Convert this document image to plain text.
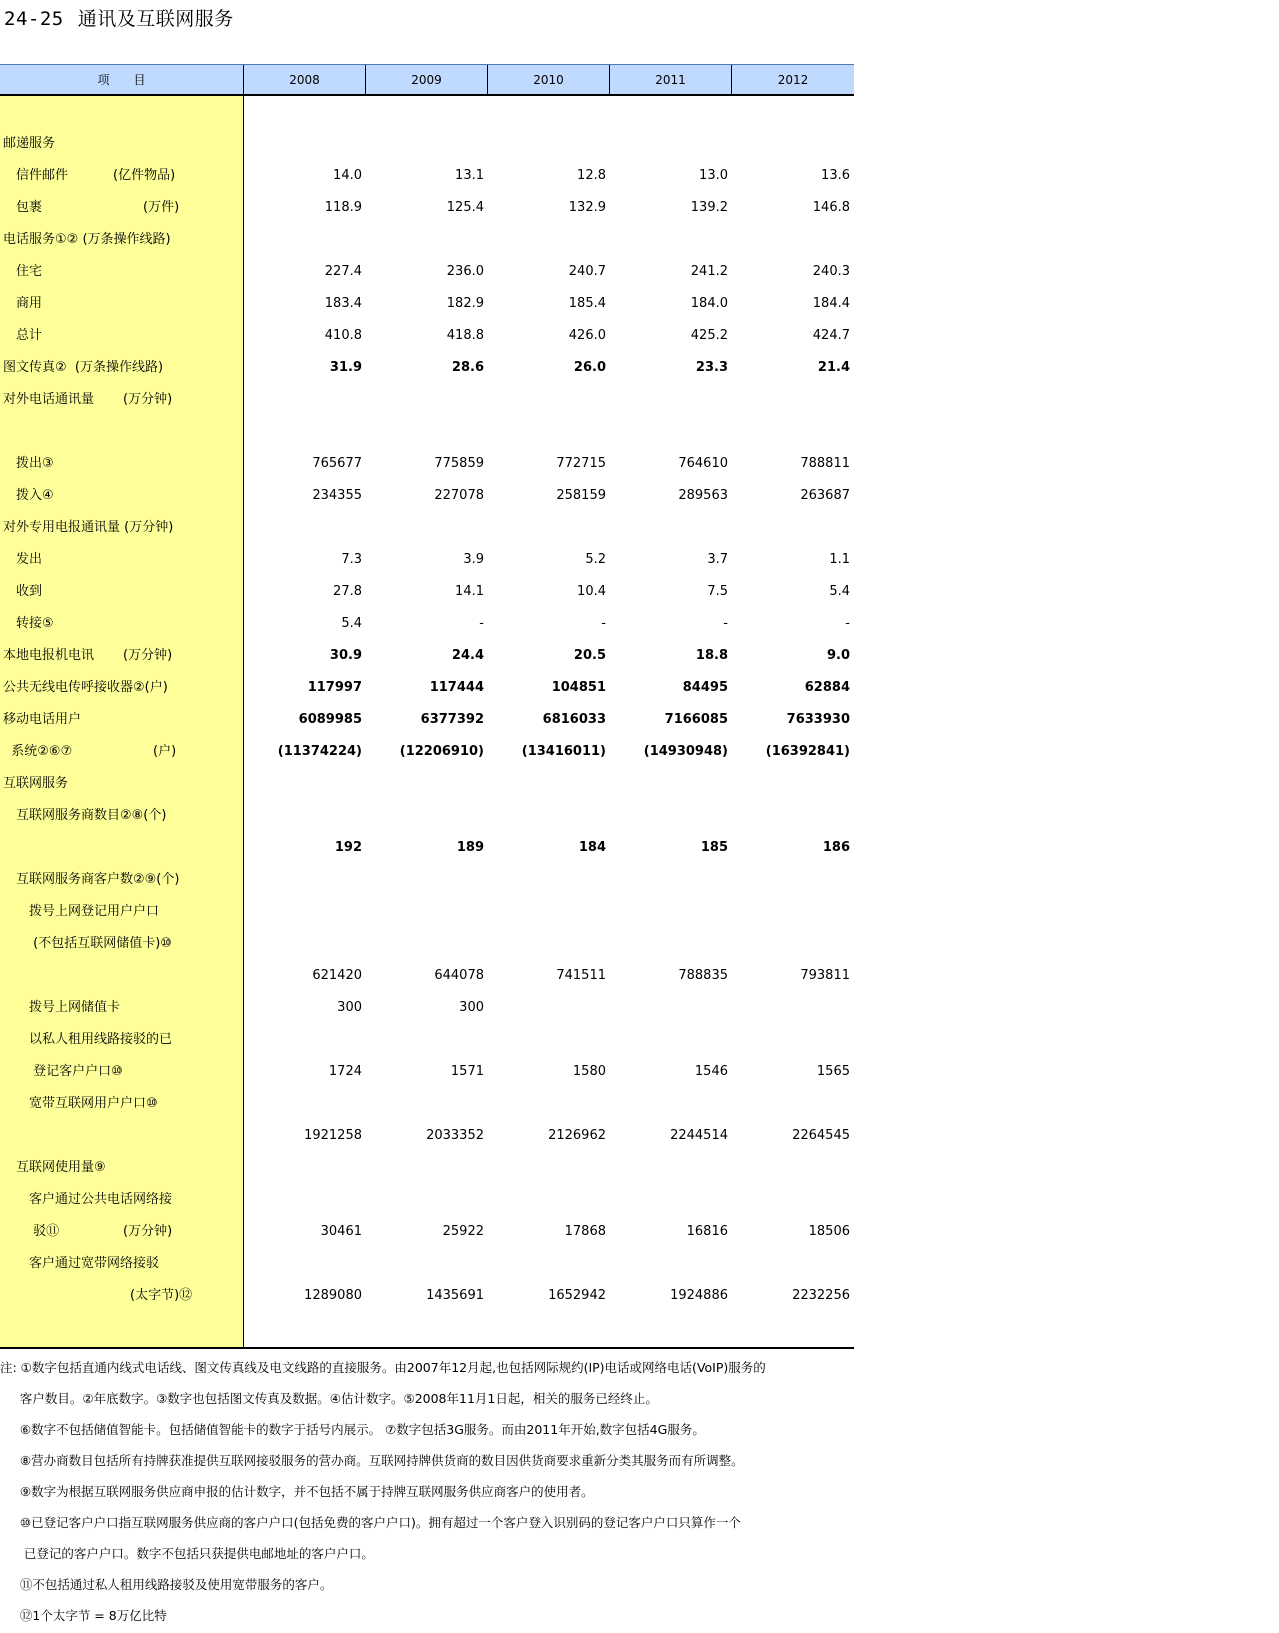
24-25 通讯及互联网服务
项　　目	2008	2009	2010	2011	2012
邮递服务
　信件邮件	(亿件物品)	14.0	13.1	12.8	13.0	13.6
　包裹	(万件)	118.9	125.4	132.9	139.2	146.8
电话服务①② (万条操作线路)
　住宅	227.4	236.0	240.7	241.2	240.3
　商用	183.4	182.9	185.4	184.0	184.4
　总计	410.8	418.8	426.0	425.2	424.7
图文传真②  (万条操作线路)	31.9	28.6	26.0	23.3	21.4
对外电话通讯量 (万分钟)
　拨出③	765677	775859	772715	764610	788811
　拨入④	234355	227078	258159	289563	263687
对外专用电报通讯量 (万分钟)
　发出	7.3	3.9	5.2	3.7	1.1
　收到	27.8	14.1	10.4	7.5	5.4
　转接⑤	5.4	-	-	-	-
本地电报机电讯 (万分钟)	30.9	24.4	20.5	18.8	9.0
公共无线电传呼接收器②(户)	117997	117444	104851	84495	62884
移动电话用户	6089985	6377392	6816033	7166085	7633930
系统②⑥⑦	(户)	(11374224)	(12206910)	(13416011)	(14930948)	(16392841)
互联网服务
　互联网服务商数目②⑧(个)
192	189	184	185	186
　互联网服务商客户数②⑨(个)
　　拨号上网登记用户户口
　　 (不包括互联网储值卡)⑩
621420	644078	741511	788835	793811
　　拨号上网储值卡	300	300
　　以私人租用线路接驳的已
　　 登记客户户口⑩	1724	1571	1580	1546	1565
　　宽带互联网用户户口⑩
1921258	2033352	2126962	2244514	2264545
　互联网使用量⑨
　　客户通过公共电话网络接
　　 驳⑪	(万分钟)	30461	25922	17868	16816	18506
　　客户通过宽带网络接驳
(太字节)⑫	1289080	1435691	1652942	1924886	2232256
注: ①数字包括直通内线式电话线、图文传真线及电文线路的直接服务。由2007年12月起,也包括网际规约(IP)电话或网络电话(VoIP)服务的
客户数目。②年底数字。③数字也包括图文传真及数据。④估计数字。⑤2008年11月1日起，相关的服务已经终止。
⑥数字不包括储值智能卡。包括储值智能卡的数字于括号内展示。 ⑦数字包括3G服务。而由2011年开始,数字包括4G服务。
⑧营办商数目包括所有持牌获准提供互联网接驳服务的营办商。互联网持牌供货商的数目因供货商要求重新分类其服务而有所调整。
⑨数字为根据互联网服务供应商申报的估计数字，并不包括不属于持牌互联网服务供应商客户的使用者。
⑩已登记客户户口指互联网服务供应商的客户户口(包括免费的客户户口)。拥有超过一个客户登入识别码的登记客户户口只算作一个
已登记的客户户口。数字不包括只获提供电邮地址的客户户口。
⑪不包括通过私人租用线路接驳及使用宽带服务的客户。
⑫1个太字节 = 8万亿比特
